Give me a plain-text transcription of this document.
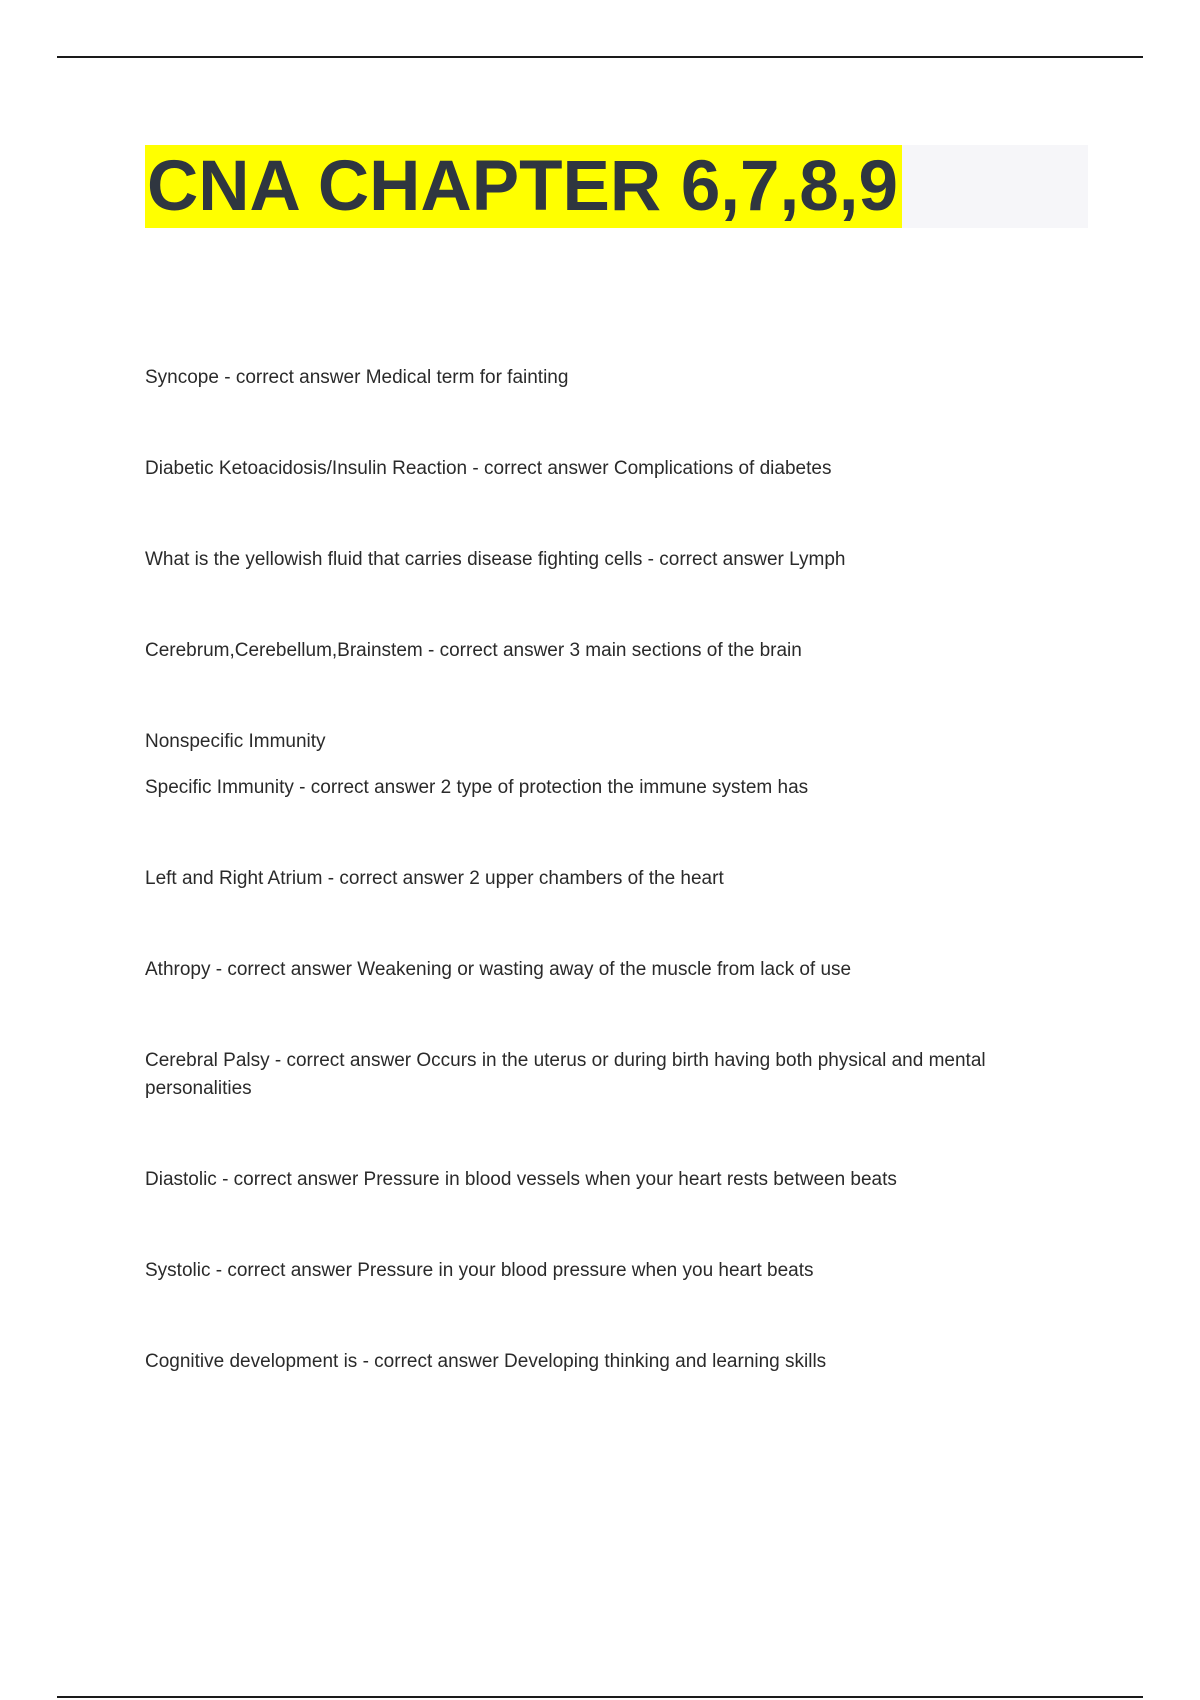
CNA CHAPTER 6,7,8,9
Syncope - correct answer Medical term for fainting
Diabetic Ketoacidosis/Insulin Reaction - correct answer Complications of diabetes
What is the yellowish fluid that carries disease fighting cells - correct answer Lymph
Cerebrum,Cerebellum,Brainstem - correct answer 3 main sections of the brain
Nonspecific Immunity
Specific Immunity - correct answer 2 type of protection the immune system has
Left and Right Atrium - correct answer 2 upper chambers of the heart
Athropy - correct answer Weakening or wasting away of the muscle from lack of use
Cerebral Palsy - correct answer Occurs in the uterus or during birth having both physical and mental personalities
Diastolic - correct answer Pressure in blood vessels when your heart rests between beats
Systolic - correct answer Pressure in your blood pressure when you heart beats
Cognitive development is - correct answer Developing thinking and learning skills
